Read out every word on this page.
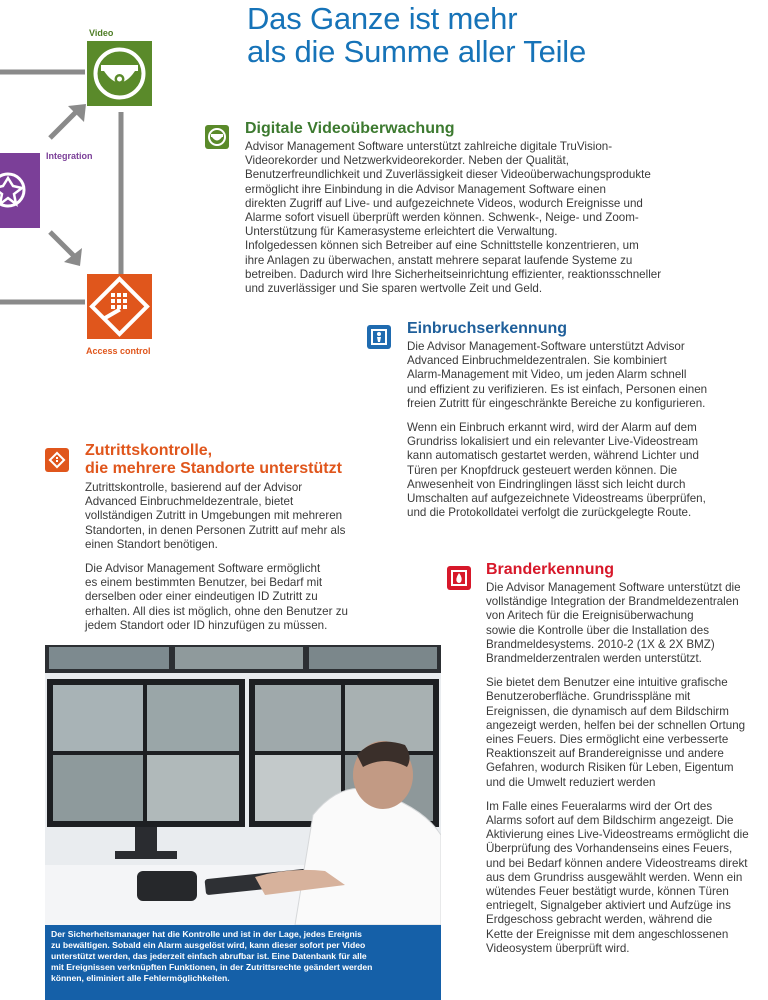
Das Ganze ist mehr
als die Summe aller Teile
Video
Integration
Access control
Digitale Videoüberwachung
Advisor Management Software unterstützt zahlreiche digitale TruVision-
Videorekorder und Netzwerkvideorekorder. Neben der Qualität,
Benutzerfreundlichkeit und Zuverlässigkeit dieser Videoüberwachungsprodukte
ermöglicht ihre Einbindung in die Advisor Management Software einen
direkten Zugriff auf Live- und aufgezeichnete Videos, wodurch Ereignisse und
Alarme sofort visuell überprüft werden können. Schwenk-, Neige- und Zoom-
Unterstützung für Kamerasysteme erleichtert die Verwaltung.
Infolgedessen können sich Betreiber auf eine Schnittstelle konzentrieren, um
ihre Anlagen zu überwachen, anstatt mehrere separat laufende Systeme zu
betreiben. Dadurch wird Ihre Sicherheitseinrichtung effizienter, reaktionsschneller
und zuverlässiger und Sie sparen wertvolle Zeit und Geld.
Einbruchserkennung

Die Advisor Management-Software unterstützt Advisor
Advanced Einbruchmeldezentralen. Sie kombiniert
Alarm-Management mit Video, um jeden Alarm schnell
und effizient zu verifizieren. Es ist einfach, Personen einen
freien Zutritt für eingeschränkte Bereiche zu konfigurieren.

Wenn ein Einbruch erkannt wird, wird der Alarm auf dem
Grundriss lokalisiert und ein relevanter Live-Videostream
kann automatisch gestartet werden, während Lichter und
Türen per Knopfdruck gesteuert werden können. Die
Anwesenheit von Eindringlingen lässt sich leicht durch
Umschalten auf aufgezeichnete Videostreams überprüfen,
und die Protokolldatei verfolgt die zurückgelegte Route.

Zutrittskontrolle,
die mehrere Standorte unterstützt

Zutrittskontrolle, basierend auf der Advisor
Advanced Einbruchmeldezentrale, bietet
vollständigen Zutritt in Umgebungen mit mehreren
Standorten, in denen Personen Zutritt auf mehr als
einen Standort benötigen.

Die Advisor Management Software ermöglicht
es einem bestimmten Benutzer, bei Bedarf mit
derselben oder einer eindeutigen ID Zutritt zu
erhalten. All dies ist möglich, ohne den Benutzer zu
jedem Standort oder ID hinzufügen zu müssen.

Branderkennung

Die Advisor Management Software unterstützt die
vollständige Integration der Brandmeldezentralen
von Aritech für die Ereignisüberwachung
sowie die Kontrolle über die Installation des
Brandmeldesystems. 2010-2 (1X & 2X BMZ)
Brandmelderzentralen werden unterstützt.

Sie bietet dem Benutzer eine intuitive grafische
Benutzeroberfläche. Grundrisspläne mit
Ereignissen, die dynamisch auf dem Bildschirm
angezeigt werden, helfen bei der schnellen Ortung
eines Feuers. Dies ermöglicht eine verbesserte
Reaktionszeit auf Brandereignisse und andere
Gefahren, wodurch Risiken für Leben, Eigentum
und die Umwelt reduziert werden

Im Falle eines Feueralarms wird der Ort des
Alarms sofort auf dem Bildschirm angezeigt. Die
Aktivierung eines Live-Videostreams ermöglicht die
Überprüfung des Vorhandenseins eines Feuers,
und bei Bedarf können andere Videostreams direkt
aus dem Grundriss ausgewählt werden. Wenn ein
wütendes Feuer bestätigt wurde, können Türen
entriegelt, Signalgeber aktiviert und Aufzüge ins
Erdgeschoss gebracht werden, während die
Kette der Ereignisse mit dem angeschlossenen
Videosystem überprüft wird.

Der Sicherheitsmanager hat die Kontrolle und ist in der Lage, jedes Ereignis
zu bewältigen. Sobald ein Alarm ausgelöst wird, kann dieser sofort per Video
unterstützt werden, das jederzeit einfach abrufbar ist. Eine Datenbank für alle
mit Ereignissen verknüpften Funktionen, in der Zutrittsrechte geändert werden
können, eliminiert alle Fehlermöglichkeiten.
